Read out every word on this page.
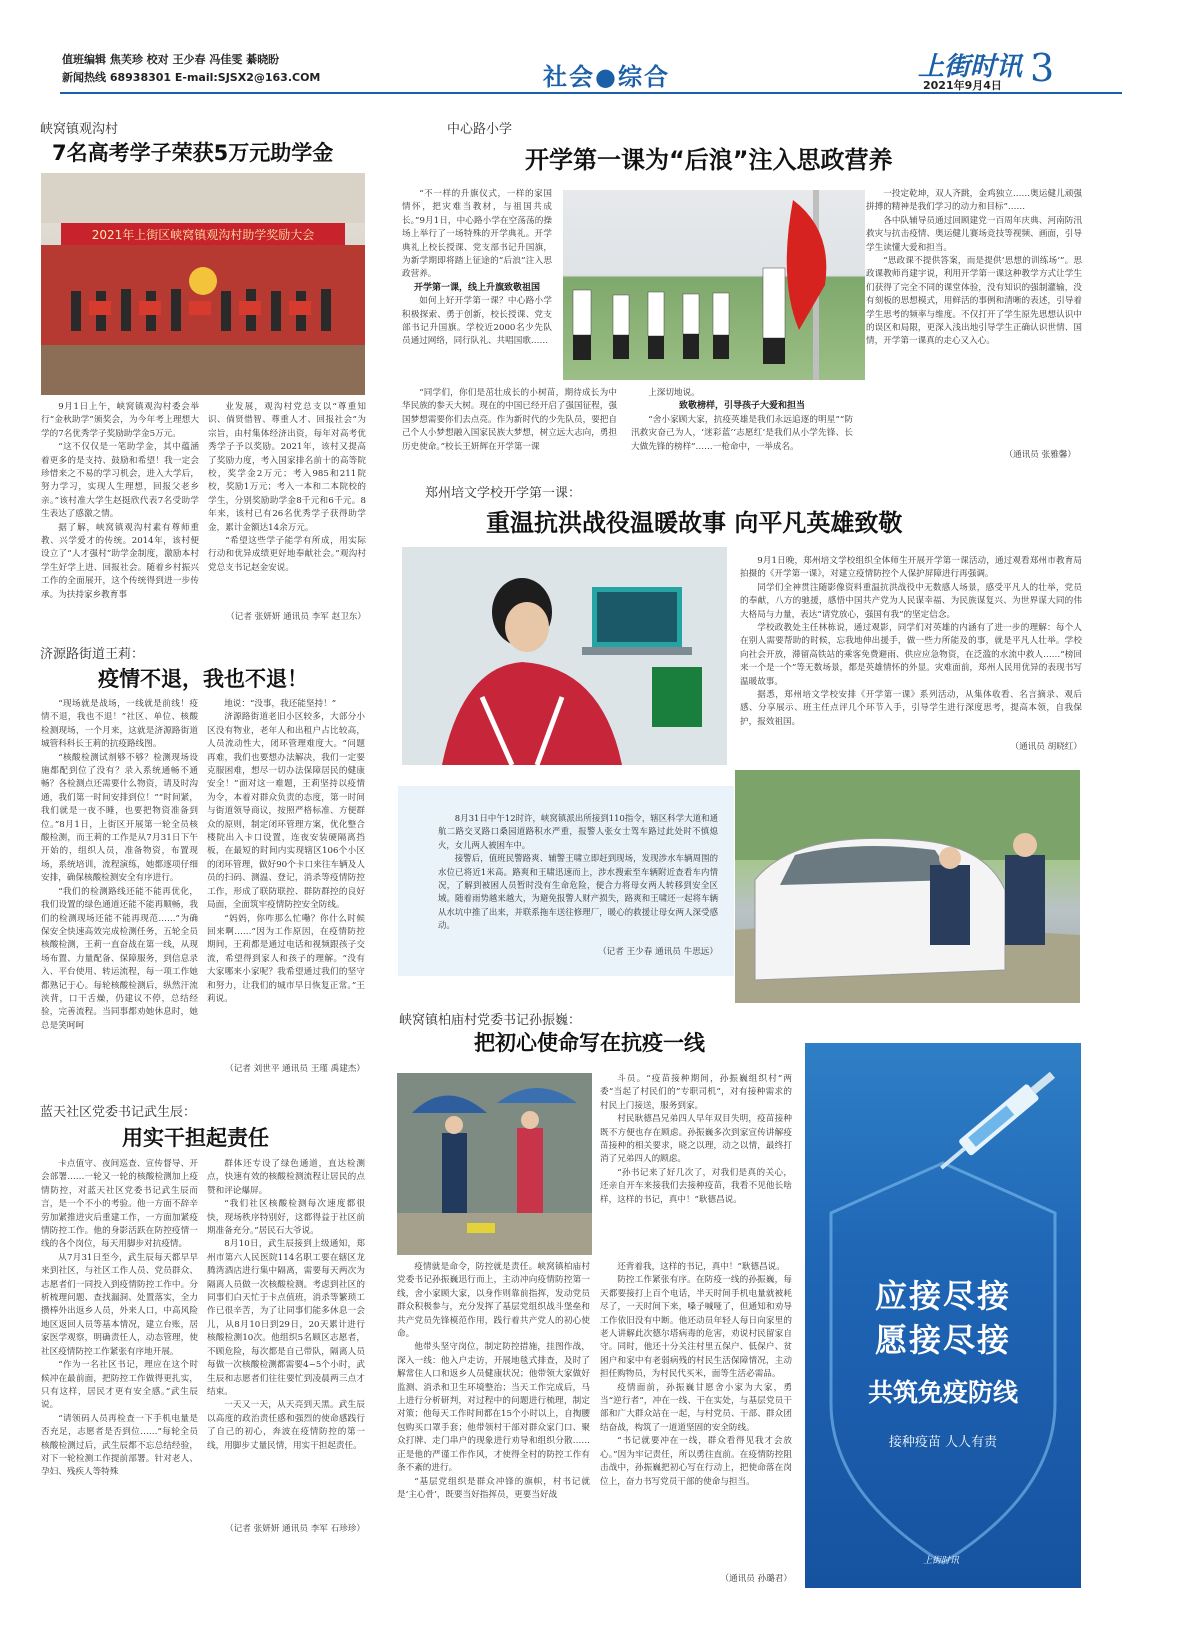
值班编辑 焦芙珍 校对 王少春 冯佳雯 綦晓盼
新闻热线 68938301 E-mail:SJSX2@163.COM	社会●综合	上街时讯
2021年9月4日 3
峡窝镇观沟村
7名高考学子荣获5万元助学金
2021年上街区峡窝镇观沟村助学奖励大会

9月1日上午，峡窝镇观沟村委会举行“金秋助学”颁奖会，为今年考上理想大学的7名优秀学子奖励助学金5万元。

“这不仅仅是一笔助学金，其中蕴涵着更多的是支持、鼓励和希望！我一定会珍惜来之不易的学习机会，进入大学后，努力学习，实现人生理想，回报父老乡亲。”该村准大学生赵挺欣代表7名受助学生表达了感激之情。

据了解，峡窝镇观沟村素有尊师重教、兴学爱才的传统。2014年，该村便设立了“人才强村”助学金制度，激励本村学生好学上进、回报社会。随着乡村振兴工作的全面展开，这个传统得到进一步传承。为扶持家乡教育事

业发展，观沟村党总支以“尊重知识、倘贤惜智、尊重人才、回报社会”为宗旨，由村集体经济出资，每年对高考优秀学子予以奖励。2021年，该村又提高了奖励力度，考入国家排名前十的高等院校，奖学金2万元；考入985和211院校，奖励1万元；考入一本和二本院校的学生，分别奖励助学金8千元和6千元。8年来，该村已有26名优秀学子获得助学金，累计金额达14余万元。

“希望这些学子能学有所成，用实际行动和优异成绩更好地奉献社会。”观沟村党总支书记赵金安说。

（记者 张妍妍 通讯员 李军 赵卫东）
中心路小学
开学第一课为“后浪”注入思政营养

“不一样的升旗仪式，一样的家国情怀，把灾难当教材，与祖国共成长。”9月1日，中心路小学在空荡荡的操场上举行了一场特殊的开学典礼。开学典礼上校长授课、党支部书记升国旗，为新学期即将踏上征途的“后浪”注入思政营养。

开学第一课，线上升旗致敬祖国

如何上好开学第一课？中心路小学积极探索、勇于创新，校长授课、党支部书记升国旗。学校近2000名少先队员通过网络，同行队礼、共唱国歌……

“同学们，你们是茁壮成长的小树苗，期待成长为中华民族的参天大树。现在的中国已经开启了强国征程，强国梦想需要你们去点亮。作为新时代的少先队员，要把自己个人小梦想融入国家民族大梦想，树立远大志向，勇担历史使命。”校长王妍辉在开学第一课

上深切地说。

致敬榜样，引导孩子大爱和担当

“舍小家顾大家，抗疫英雄是我们永远追逐的明星”“防汛救灾奋己为人，‘迷彩蓝’‘志愿红’是我们从小学先锋、长大做先锋的榜样”……一枪命中，一举成名。

一投定乾坤，双人齐跳，金鸡独立……奥运健儿顽强拼搏的精神是我们学习的动力和目标”……

各中队辅导员通过回顾建党一百周年庆典、河南防汛救灾与抗击疫情、奥运健儿赛场竞技等视频、画面，引导学生读懂大爱和担当。

“思政课不提供答案，而是提供‘思想的训练场’”。思政课教师肖建宇说，利用开学第一课这种教学方式让学生们获得了完全不同的课堂体验，没有知识的强制灌输，没有刻板的思想模式，用鲜活的事例和清晰的表述，引导着学生思考的频率与维度。不仅打开了学生原先思想认识中的误区和局限，更深入浅出地引导学生正确认识世情、国情，开学第一课真的走心又入心。

（通讯员 张雅馨）
郑州培文学校开学第一课：
重温抗洪战役温暖故事 向平凡英雄致敬

9月1日晚，郑州培文学校组织全体师生开展开学第一课活动，通过观看郑州市教育局拍摄的《开学第一课》，对建立疫情防控个人保护屏障进行再强调。

同学们全神贯注随影像资料重温抗洪战役中无数感人场景，感受平凡人的壮举，党员的奉献，八方的驰援，感悟中国共产党为人民谋幸福、为民族谋复兴、为世界谋大同的伟大格局与力量，表达“请党放心，强国有我”的坚定信念。

学校政教处主任林栋说，通过观影，同学们对英雄的内涵有了进一步的理解：每个人在别人需要帮助的时候，忘我地伸出援手，做一些力所能及的事，就是平凡人壮举。学校向社会开放，滞留高铁站的乘客免费避雨、供应应急物资，在泛滥的水流中救人……“榜回来一个是一个”等无数场景，都是英雄情怀的外显。灾难面前，郑州人民用优异的表现书写温暖故事。

据悉，郑州培文学校安排《开学第一课》系列活动，从集体收看、名言摘录、观后感、分享展示、班主任点评几个环节入手，引导学生进行深度思考，提高本领，自我保护，报效祖国。

（通讯员 胡晓红）

8月31日中午12时许，峡窝镇派出所接到110指令，辖区科学大道和通航二路交叉路口桑园道路积水严重，报警人张女士驾车路过此处时不慎熄火，女儿两人被困车中。

接警后，值班民警路爽、辅警王啸立即赶到现场，发现涉水车辆周围的水位已将近1米高。路爽和王啸迅速而上，涉水搜索至车辆附近查看车内情况，了解到被困人员暂时没有生命危险，便合力将母女两人转移到安全区域。随着雨势越来越大，为避免报警人财产损失，路爽和王啸还一起将车辆从水坑中推了出来，并联系拖车送往修理厂，暖心的救援让母女两人深受感动。

（记者 王少春 通讯员 牛思远）
济源路街道王莉：
疫情不退，我也不退！

“现场就是战场，一线就是前线！疫情不退，我也不退！”社区、单位、核酸检测现场，一个月来，这就是济源路街道城管科科长王莉的抗疫路线图。

“核酸检测试剂够不够？检测现场设施都配到位了没有？录入系统通畅不通畅？各检测点还需要什么物资，请及时沟通，我们第一时间安排到位！”“时间紧，我们就是一夜不睡，也要把物资准备到位。”8月1日，上街区开展第一轮全员核酸检测，而王莉的工作是从7月31日下午开始的，组织人员，准备物资，布置现场，系统培训，流程演练，她都逐项仔细安排，确保核酸检测安全有序进行。

“我们的检测路线还能不能再优化，我们设置的绿色通道还能不能再顺畅，我们的检测现场还能不能再现范……”为确保安全快速高效完成检测任务，五轮全员核酸检测，王莉一直奋战在第一线，从现场布置、力量配备、保障服务，到信息录入、平台使用、转运流程，每一项工作她都熟记于心。每轮核酸检测后，纵然汗流浃背，口干舌燥，仍建议不停，总结经验，完善流程。当同事都劝她休息时，她总是笑呵呵

地说：“没事，我还能坚持！”

济源路街道老旧小区较多，大部分小区没有物业，老年人和出租户占比较高，人员流动性大，闭环管理难度大。“问题再难，我们也要想办法解决，我们一定要克服困难，想尽一切办法保障居民的健康安全！”面对这一难题，王莉坚持以疫情为令，本着对群众负责的态度，第一时间与街道领导商议，按照严格标准、方便群众的原则，制定闭环管理方案，优化整合楼院出入卡口设置，连夜安装硬隔离挡板，在最短的时间内实现辖区106个小区的闭环管理，做好90个卡口来往车辆及人员的扫码、测温、登记，消杀等疫情防控工作，形成了联防联控、群防群控的良好局面，全面筑牢疫情防控安全防线。

“妈妈，你咋那么忙嘞？你什么时候回来啊……”因为工作原因，在疫情防控期间，王莉都是通过电话和视频跟孩子交流，希望得到家人和孩子的理解。“没有大家哪来小家呢？我希望通过我们的坚守和努力，让我们的城市早日恢复正常。”王莉说。

（记者 刘世平 通讯员 王瑾 禹建杰）
蓝天社区党委书记武生辰：
用实干担起责任

卡点值守、夜间巡查、宣传督导、开会部署……一轮又一轮的核酸检测加上疫情防控，对蓝天社区党委书记武生辰而言，是一个不小的考验。他一方面不辞辛劳加紧推进灾后重建工作，一方面加紧疫情防控工作。他的身影活跃在防控疫情一线的各个岗位，每天用脚步对抗疫情。

从7月31日至今，武生辰每天都早早来到社区，与社区工作人员、党员群众、志愿者们一同投入到疫情防控工作中。分析梳理问题、查找漏洞、处置落实，全力攒棒外出返乡人员，外来人口，中高风险地区返回人员等基本情况，建立台账，居家医学观察，明确责任人，动态管理，使社区疫情防控工作紧张有序地开展。

“作为一名社区书记，理应在这个时候冲在最前面，把防控工作做得更扎实，只有这样，居民才更有安全感。”武生辰说。

“请领码人员再检查一下手机电量是否充足，志愿者是否到位……”每轮全员核酸检测过后，武生辰都不忘总结经验，对下一轮检测工作提前部署。针对老人、孕妇、残疾人等特殊

群体还专设了绿色通道，直达检测点，快速有效的核酸检测流程让居民的点赞和评论爆屏。

“我们社区核酸检测每次速度都很快，现场秩序特别好，这都得益于社区前期准备充分。”居民石大爷说。

8月10日，武生辰接到上级通知，郑州市第六人民医院114名职工要在辖区龙腾湾酒店进行集中隔离，需要每天两次为隔离人员做一次核酸检测。考虑到社区的同事们白天忙于卡点值班，消杀等繁琐工作已很辛苦，为了让同事们能多休息一会儿，从8月10日到29日，20天累计进行核酸检测10次。他组织5名顾区志愿者，不顾危险，每次都是自己带队，隔离人员每做一次核酸检测都需要4~5个小时，武生辰和志愿者们往往要忙到凌晨两三点才结束。

一天又一天，从天亮到天黑。武生辰以高度的政治责任感和强烈的使命感践行了自己的初心，奔波在疫情防控的第一线，用脚步丈量民情，用实干担起责任。

（记者 张妍妍 通讯员 李军 石珍珍）
峡窝镇柏庙村党委书记孙振巍：
把初心使命写在抗疫一线

斗员。“疫苗接种期间，孙振巍组织村”两委“当起了村民们的”专职司机“，对有接种需求的村民上门接送，服务到家。

村民耿德昌兄弟四人早年双目失明，疫苗接种既不方便也存在顾虑。孙振巍多次到家宣传讲解疫苗接种的相关要求，晓之以理，动之以情，最终打消了兄弟四人的顾虑。

“孙书记来了好几次了，对我们是真的关心，还亲自开车来接我们去接种疫苗，我看不见他长啥样，这样的书记，真中！”耿德昌说。

疫情就是命令，防控就是责任。峡窝镇柏庙村党委书记孙振巍迅行而上，主动冲向疫情防控第一线，舍小家顾大家，以身作则靠前指挥，发动党员群众积极参与，充分发挥了基层党组织战斗堡垒和共产党员先锋模范作用，践行着共产党人的初心使命。

他带头坚守岗位，制定防控措施，挂图作战，深入一线：他入户走访，开展地毯式排查，及时了解常住人口和返乡人员健康状况；他带领大家做好监测、消杀和卫生环境整治；当天工作完成后，马上进行分析研判，对过程中的问题进行梳理，制定对策；他每天工作时间都在15个小时以上，自掏腰包购买口罩手套；他带领村干部对群众家门口、聚众打牌、走门串户的现象进行劝导和组织分散……正是他的严谨工作作风，才使得全村的防控工作有条不紊的进行。

“基层党组织是群众冲锋的旗帜，村书记就是‘主心骨’，既要当好指挥员，更要当好战

还背着我，这样的书记，真中！”耿德昌说。

防控工作紧张有序。在防疫一线的孙振巍，每天都要接打上百个电话，半天时间手机电量就被耗尽了，一天时间下来，嗓子喊哑了，但通知和劝导工作依旧没有中断。他还动员年轻人每日向家里的老人讲解此次德尔塔病毒的危害，劝说村民留家自守。同时，他还十分关注村里五保户、低保户、贫困户和家中有老弱病残的村民生活保障情况，主动担任购物员，为村民代买米，面等生活必需品。

疫情面前，孙振巍甘愿舍小家为大家，勇当“逆行者”，冲在一线、干在实处，与基层党员干部和广大群众站在一起，与村党员、干部、群众团结奋战，构筑了一道道坚固的安全防线。

“书记就要冲在一线，群众看得见我才会放心。”因为牢记责任，所以勇往直前。在疫情防控阻击战中，孙振巍把初心写在行动上，把使命落在岗位上，奋力书写党员干部的使命与担当。

（通讯员 孙璐君）
应接尽接
愿接尽接
共筑免疫防线
接种疫苗 人人有责
上街时讯
